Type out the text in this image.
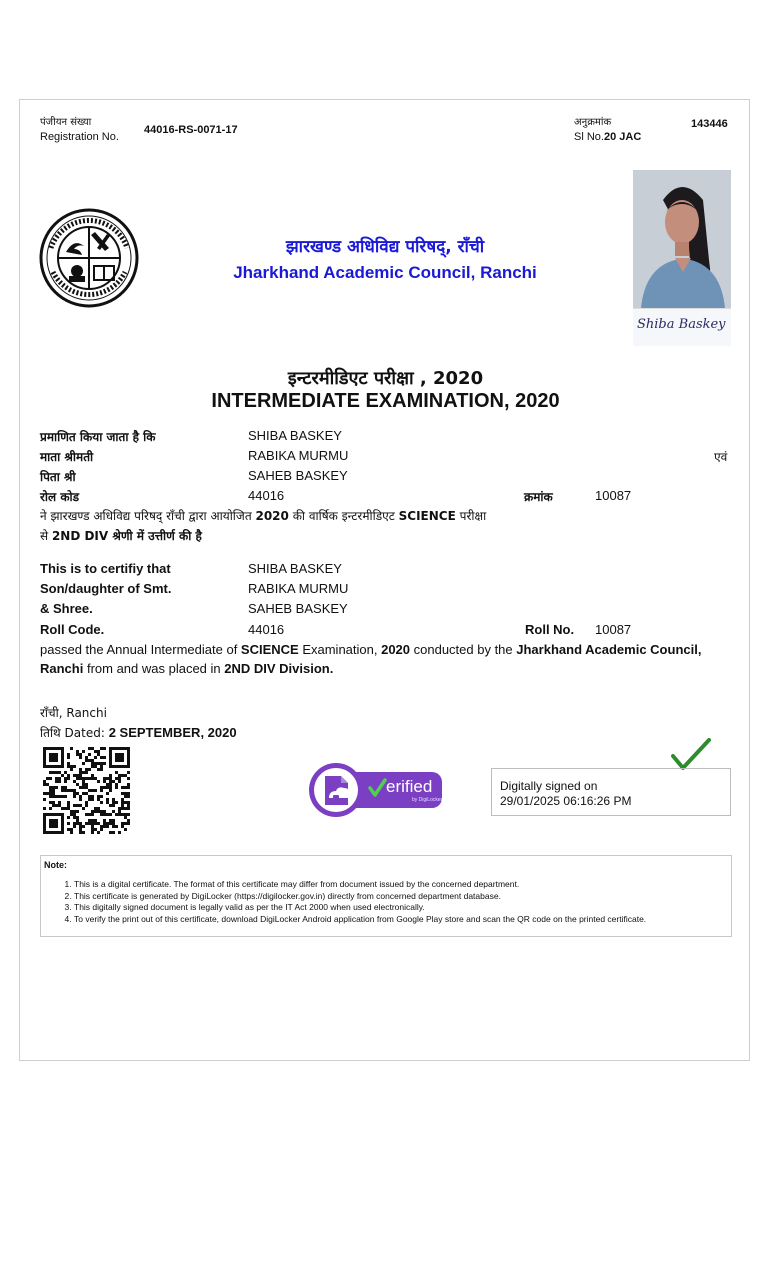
पंजीयन संख्या
Registration No.
44016-RS-0071-17
अनुक्रमांक
Sl No.20 JAC
143446
झारखण्ड अधिविद्य परिषद्, राँची
Jharkhand Academic Council, Ranchi
Shiba Baskey
इन्टरमीडिएट परीक्षा , 2020
INTERMEDIATE EXAMINATION, 2020
प्रमाणित किया जाता है कि	SHIBA BASKEY
माता श्रीमती	RABIKA MURMU	एवं
पिता श्री	SAHEB BASKEY
रोल कोड	44016	क्रमांक	10087
ने झारखण्ड अधिविद्य परिषद् राँची द्वारा आयोजित 2020 की वार्षिक इन्टरमीडिएट SCIENCE परीक्षा
से 2ND DIV श्रेणी में उत्तीर्ण की है
This is to certifiy that	SHIBA BASKEY
Son/daughter of Smt.	RABIKA MURMU
& Shree.	SAHEB BASKEY
Roll Code.	44016	Roll No. 10087
passed the Annual Intermediate of SCIENCE Examination, 2020 conducted by the Jharkhand Academic Council,
Ranchi from and was placed in 2ND DIV Division.
राँची, Ranchi
तिथि Dated: 2 SEPTEMBER, 2020
erified
by DigiLocker
Digitally signed on
29/01/2025 06:16:26 PM
Note:
1. This is a digital certificate. The format of this certificate may differ from document issued by the concerned department.
2. This certificate is generated by DigiLocker (https://digilocker.gov.in) directly from concerned department database.
3. This digitally signed document is legally valid as per the IT Act 2000 when used electronically.
4. To verify the print out of this certificate, download DigiLocker Android application from Google Play store and scan the QR code on the printed certificate.
